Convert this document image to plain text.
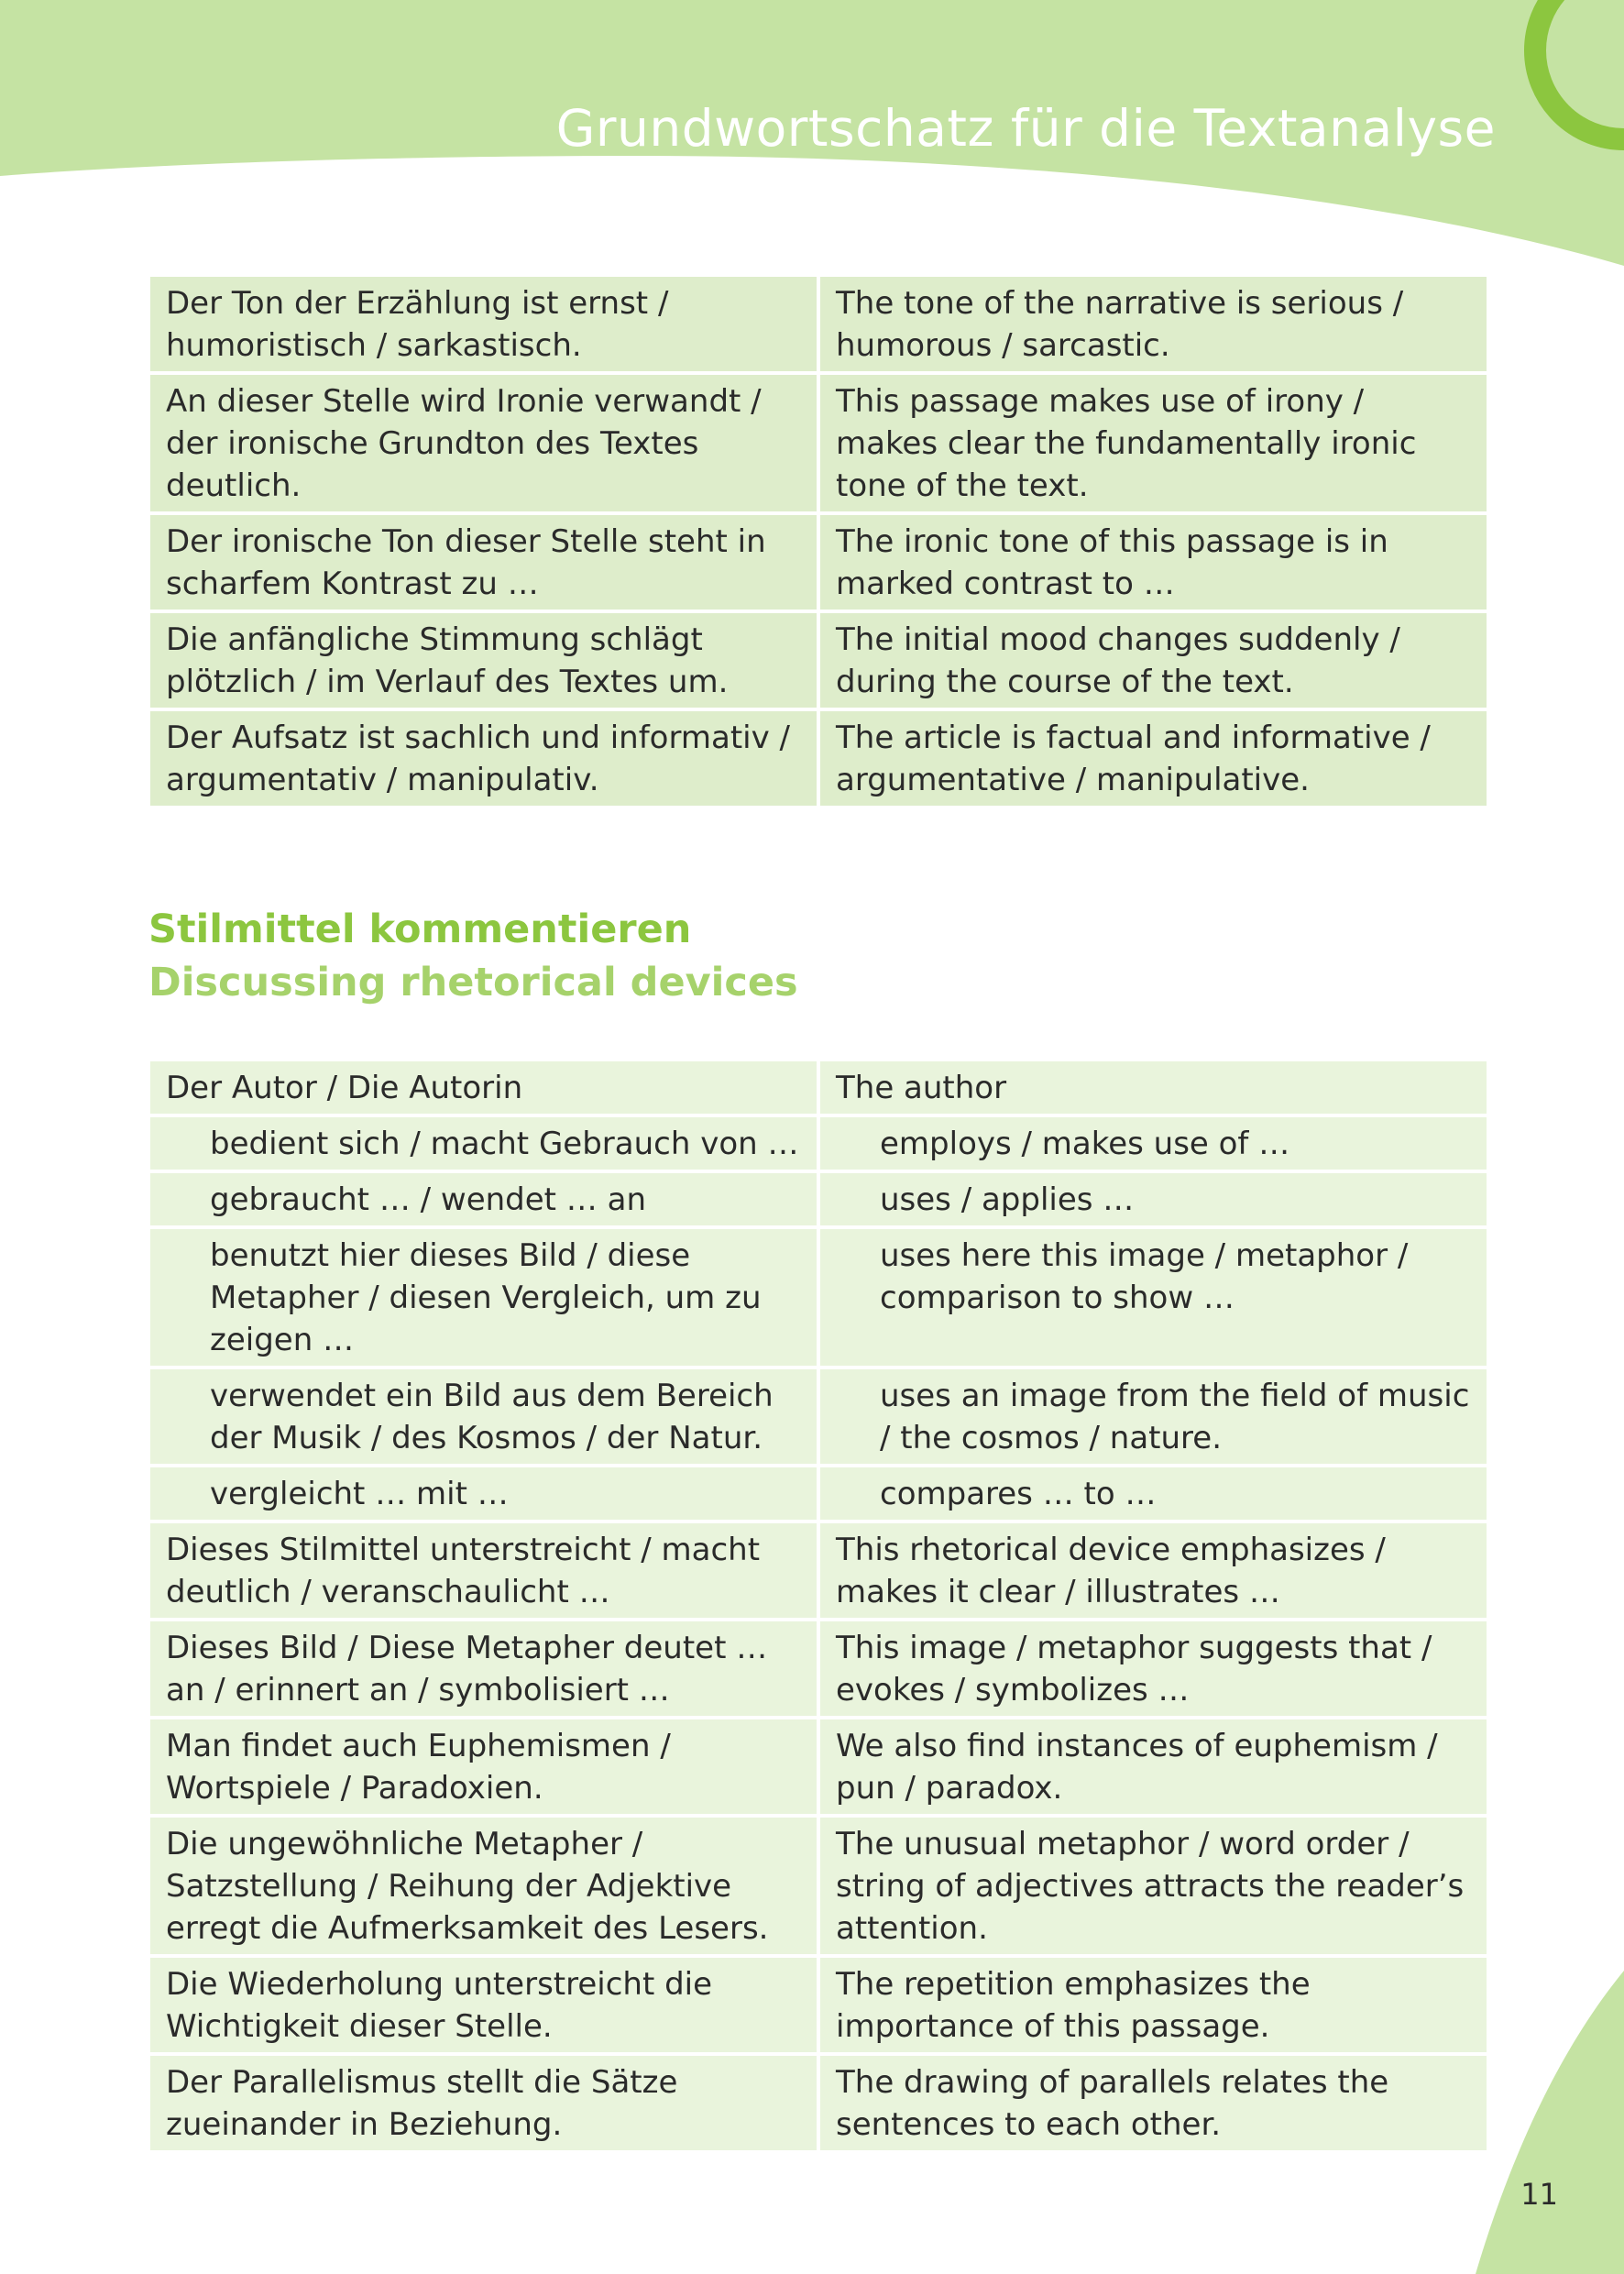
Grundwortschatz für die Textanalyse
Der Ton der Erzählung ist ernst / humoristisch / sarkastisch.	The tone of the narrative is serious / humorous / sarcastic.
An dieser Stelle wird Ironie verwandt / der ironische Grundton des Textes deutlich.	This passage makes use of irony / makes clear the fundamentally ironic tone of the text.
Der ironische Ton dieser Stelle steht in scharfem Kontrast zu …	The ironic tone of this passage is in marked contrast to …
Die anfängliche Stimmung schlägt plötzlich / im Verlauf des Textes um.	The initial mood changes suddenly / during the course of the text.
Der Aufsatz ist sachlich und informativ / argumentativ / manipulativ.	The article is factual and informative / argumentative / manipulative.
Stilmittel kommentieren
Discussing rhetorical devices
Der Autor / Die Autorin	The author
bedient sich / macht Gebrauch von …	employs / makes use of …
gebraucht … / wendet … an	uses / applies …
benutzt hier dieses Bild / diese Metapher / diesen Vergleich, um zu zeigen …	uses here this image / metaphor / comparison to show …
verwendet ein Bild aus dem Bereich der Musik / des Kosmos / der Natur.	uses an image from the field of music / the cosmos / nature.
vergleicht … mit …	compares … to …
Dieses Stilmittel unterstreicht / macht deutlich / veranschaulicht …	This rhetorical device emphasizes / makes it clear / illustrates …
Dieses Bild / Diese Metapher deutet … an / erinnert an / symbolisiert …	This image / metaphor suggests that / evokes / symbolizes …
Man findet auch Euphemismen / Wortspiele / Paradoxien.	We also find instances of euphemism / pun / paradox.
Die ungewöhnliche Metapher / Satzstellung / Reihung der Adjektive erregt die Aufmerksamkeit des Lesers.	The unusual metaphor / word order / string of adjectives attracts the reader’s attention.
Die Wiederholung unterstreicht die Wichtigkeit dieser Stelle.	The repetition emphasizes the importance of this passage.
Der Parallelismus stellt die Sätze zueinander in Beziehung.	The drawing of parallels relates the sentences to each other.
11
